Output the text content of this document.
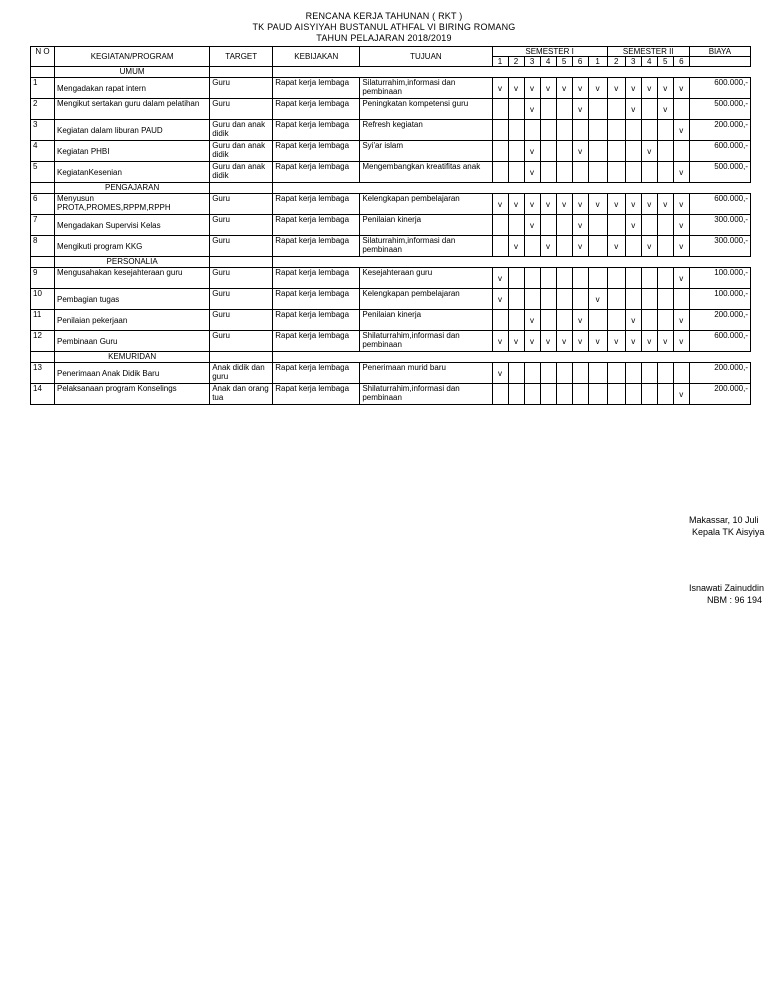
RENCANA KERJA TAHUNAN ( RKT )
TK PAUD AISYIYAH BUSTANUL ATHFAL VI BIRING ROMANG
TAHUN PELAJARAN 2018/2019
N O	KEGIATAN/PROGRAM	TARGET	KEBIJAKAN	TUJUAN	SEMESTER I							SEMESTER II					BIAYA
					1	2	3	4	5	6	1	2	3	4	5	6	
	UMUM																
1	Mengadakan rapat intern	Guru	Rapat kerja lembaga	Silaturrahim,informasi dan pembinaan	v	v	v	v	v	v	v	v	v	v	v	v	600.000,-
2	Mengikut sertakan guru dalam pelatihan	Guru	Rapat kerja lembaga	Peningkatan kompetensi guru			v			v			v		v		500.000,-
3	Kegiatan dalam liburan PAUD	Guru dan anak didik	Rapat kerja lembaga	Refresh kegiatan												v	200.000,-
4	Kegiatan PHBI	Guru dan anak didik	Rapat kerja lembaga	Syi'ar islam			v			v				v			600.000,-
5	KegiatanKesenian	Guru dan anak didik	Rapat kerja lembaga	Mengembangkan kreatifitas anak			v									v	500.000,-
	PENGAJARAN																
6	Menyusun PROTA,PROMES,RPPM,RPPH	Guru	Rapat kerja lembaga	Kelengkapan pembelajaran	v	v	v	v	v	v	v	v	v	v	v	v	600.000,-
7	Mengadakan Supervisi Kelas	Guru	Rapat kerja lembaga	Penilaian kinerja			v			v			v			v	300.000,-
8	Mengikuti program KKG	Guru	Rapat kerja lembaga	Silaturrahim,informasi dan pembinaan		v		v		v		v		v		v	300.000,-
	PERSONALIA																
9	Mengusahakan kesejahteraan guru	Guru	Rapat kerja lembaga	Kesejahteraan guru	v											v	100.000,-
10	Pembagian tugas	Guru	Rapat kerja lembaga	Kelengkapan pembelajaran	v						v						100.000,-
11	Penilaian pekerjaan	Guru	Rapat kerja lembaga	Penilaian kinerja			v			v			v			v	200.000,-
12	Pembinaan Guru	Guru	Rapat kerja lembaga	Shilaturrahim,informasi dan pembinaan	v	v	v	v	v	v	v	v	v	v	v	v	600.000,-
	KEMURIDAN																
13	Penerimaan Anak Didik Baru	Anak didik dan guru	Rapat kerja lembaga	Penerimaan murid baru	v												200.000,-
14	Pelaksanaan program Konselings	Anak dan orang tua	Rapat kerja lembaga	Shilaturrahim,informasi dan pembinaan												v	200.000,-
Makassar, 10 Juli
Kepala TK Aisyiya
Isnawati Zainuddin
NBM : 96 194
